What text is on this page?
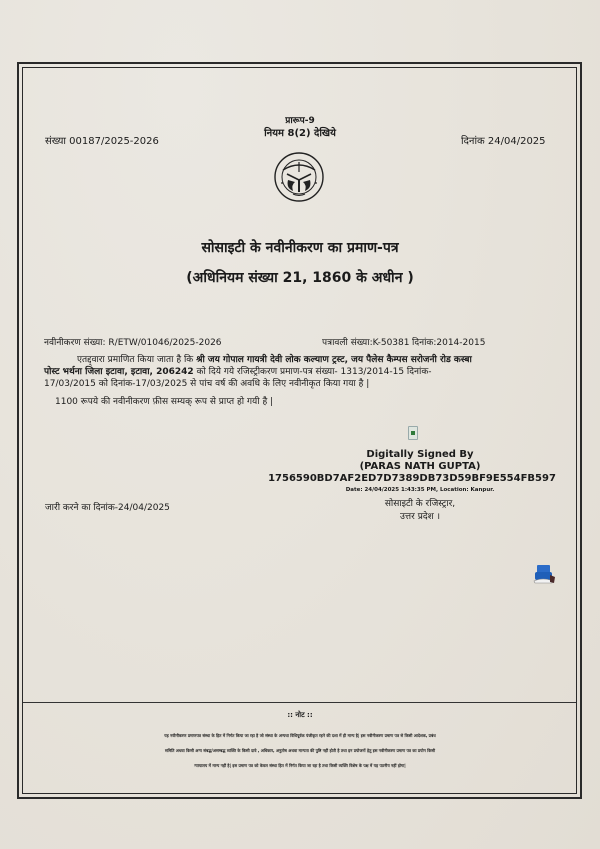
प्रारूप-9
नियम 8(2) देखिये
संख्या 00187/2025-2026	दिनांक 24/04/2025
सोसाइटी के नवीनीकरण का प्रमाण-पत्र
(अधिनियम संख्या 21, 1860 के अधीन )
नवीनीकरण संख्या: R/ETW/01046/2025-2026	पत्रावली संख्या:K-50381 दिनांक:2014-2015
एतद्द्वारा प्रमाणित किया जाता है कि श्री जय गोपाल गायत्री देवी लोक कल्याण ट्रस्ट, जय पैलेस कैम्पस सरोजनी रोड कस्बा
पोस्ट भर्थना जिला इटावा, इटावा, 206242 को दिये गये रजिस्ट्रीकरण प्रमाण-पत्र संख्या- 1313/2014-15 दिनांक-
17/03/2015 को दिनांक-17/03/2025 से पांच वर्ष की अवधि के लिए नवीनीकृत किया गया है |
1100 रूपये की नवीनीकरण फ़ीस सम्यक् रूप से प्राप्त हो गयी है |
Digitally Signed By
(PARAS NATH GUPTA)
1756590BD7AF2ED7D7389DB73D59BF9E554FB597
Date: 24/04/2025 1:43:35 PM, Location: Kanpur.
सोसाइटी के रजिस्ट्रार,
उत्तर प्रदेश ।
जारी करने का दिनांक-24/04/2025
:: नोट ::
यह नवीनीकरण प्रमाणपत्र संस्था के हित में निर्गत किया जा रहा है जो संस्था के अन्यथा विधिपूर्वक पंजीकृत रहने की दशा में ही मान्य है| इस नवीनीकरण प्रमाण पत्र से किसी आदेशक, प्रबंध
समिति अथवा किसी अन्य संबद्ध/असम्बद्ध व्यक्ति के किसी दावे , अधिकार, अनुतोष अथवा मान्यता की पुष्टि नहीं होती है तथा इन प्रयोजनों हेतु इस नवीनीकरण प्रमाण पत्र का प्रयोग किसी
न्यायालय में मान्य नहीं है| इस प्रमाण पत्र को केवल संस्था हित में निर्गत किया जा रहा है तथा किसी व्यक्ति विशेष के पक्ष में यह पठनीय नहीं होगा|
